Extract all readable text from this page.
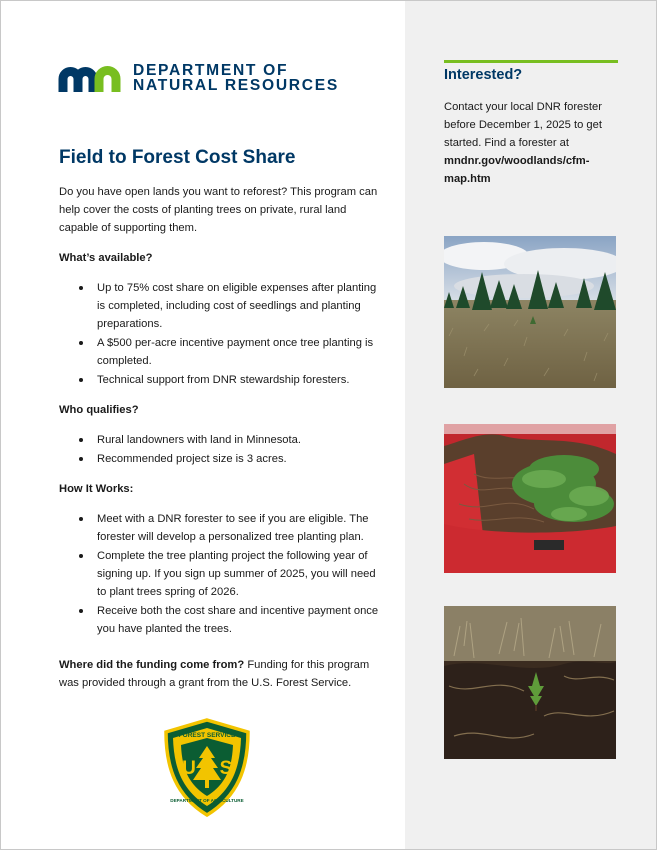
DEPARTMENT OF
NATURAL RESOURCES
Field to Forest Cost Share

Do you have open lands you want to reforest? This program can help cover the costs of planting trees on private, rural land capable of supporting them.

What’s available?

Up to 75% cost share on eligible expenses after planting is completed, including cost of seedlings and planting preparations.
A $500 per-acre incentive payment once tree planting is completed.
Technical support from DNR stewardship foresters.

Who qualifies?

Rural landowners with land in Minnesota.
Recommended project size is 3 acres.

How It Works:

Meet with a DNR forester to see if you are eligible. The forester will develop a personalized tree planting plan.
Complete the tree planting project the following year of signing up. If you sign up summer of 2025, you will need to plant trees spring of 2026.
Receive both the cost share and incentive payment once you have planted the trees.

Where did the funding come from? Funding for this program was provided through a grant from the U.S. Forest Service.

U S
FOREST SERVICE
DEPARTMENT OF AGRICULTURE
Interested?

Contact your local DNR forester before December 1, 2025 to get started. Find a forester at

mndnr.gov/woodlands/cfm-map.htm
